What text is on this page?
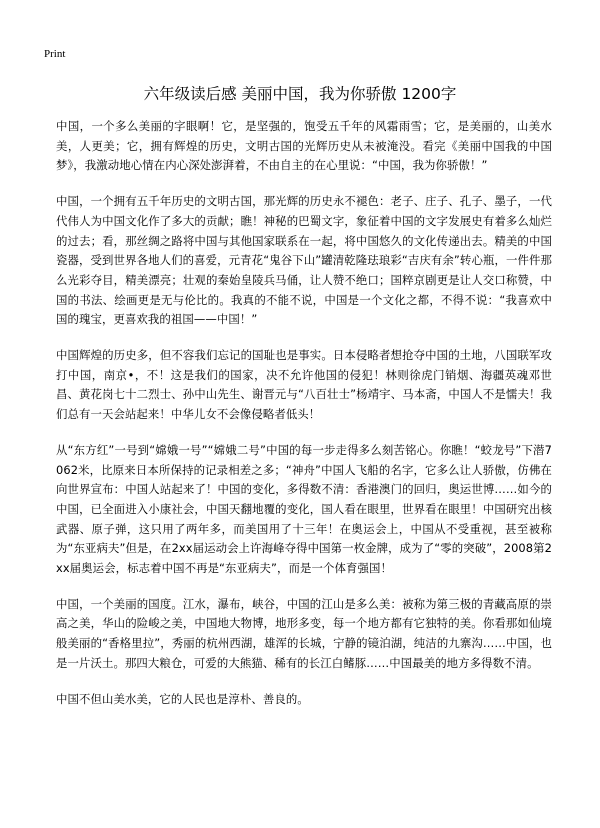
Print
六年级读后感 美丽中国，我为你骄傲 1200字

中国，一个多么美丽的字眼啊！它，是坚强的，饱受五千年的风霜雨雪；它，是美丽的，山美水美，人更美；它，拥有辉煌的历史，文明古国的光辉历史从未被淹没。看完《美丽中国我的中国梦》，我激动地心情在内心深处澎湃着，不由自主的在心里说：“中国，我为你骄傲！”

中国，一个拥有五千年历史的文明古国，那光辉的历史永不褪色：老子、庄子、孔子、墨子，一代代伟人为中国文化作了多大的贡献；瞧！神秘的巴蜀文字，象征着中国的文字发展史有着多么灿烂的过去；看，那丝绸之路将中国与其他国家联系在一起，将中国悠久的文化传递出去。精美的中国瓷器，受到世界各地人们的喜爱，元青花“鬼谷下山”罐清乾隆珐琅彩“吉庆有余”转心瓶，一件件那么光彩夺目，精美漂亮；壮观的秦始皇陵兵马俑，让人赞不绝口；国粹京剧更是让人交口称赞，中国的书法、绘画更是无与伦比的。我真的不能不说，中国是一个文化之都，不得不说：“我喜欢中国的瑰宝，更喜欢我的祖国——中国！”

中国辉煌的历史多，但不容我们忘记的国耻也是事实。日本侵略者想抢夺中国的土地，八国联军攻打中国，南京•，不！这是我们的国家，决不允许他国的侵犯！林则徐虎门销烟、海疆英魂邓世昌、黄花岗七十二烈士、孙中山先生、谢晋元与“八百壮士”杨靖宇、马本斋，中国人不是懦夫！我们总有一天会站起来！中华儿女不会像侵略者低头！

从“东方红”一号到“嫦娥一号”“嫦娥二号”中国的每一步走得多么刻苦铭心。你瞧！“蛟龙号”下潜7062米，比原来日本所保持的记录相差之多；“神舟”中国人飞船的名字，它多么让人骄傲，仿佛在向世界宣布：中国人站起来了！中国的变化，多得数不清：香港澳门的回归，奥运世博……如今的中国，已全面进入小康社会，中国天翻地覆的变化，国人看在眼里，世界看在眼里！中国研究出核武器、原子弹，这只用了两年多，而美国用了十三年！在奥运会上，中国从不受重视，甚至被称为“东亚病夫”但是，在2xx届运动会上许海峰夺得中国第一枚金牌，成为了“零的突破”，2008第2xx届奥运会，标志着中国不再是“东亚病夫”，而是一个体育强国！

中国，一个美丽的国度。江水，瀑布，峡谷，中国的江山是多么美：被称为第三极的青藏高原的崇高之美，华山的险峻之美，中国地大物博，地形多变，每一个地方都有它独特的美。你看那如仙境般美丽的“香格里拉”，秀丽的杭州西湖，雄浑的长城，宁静的镜泊湖，纯洁的九寨沟……中国，也是一片沃土。那四大粮仓，可爱的大熊猫、稀有的长江白鳍豚……中国最美的地方多得数不清。

中国不但山美水美，它的人民也是淳朴、善良的。
